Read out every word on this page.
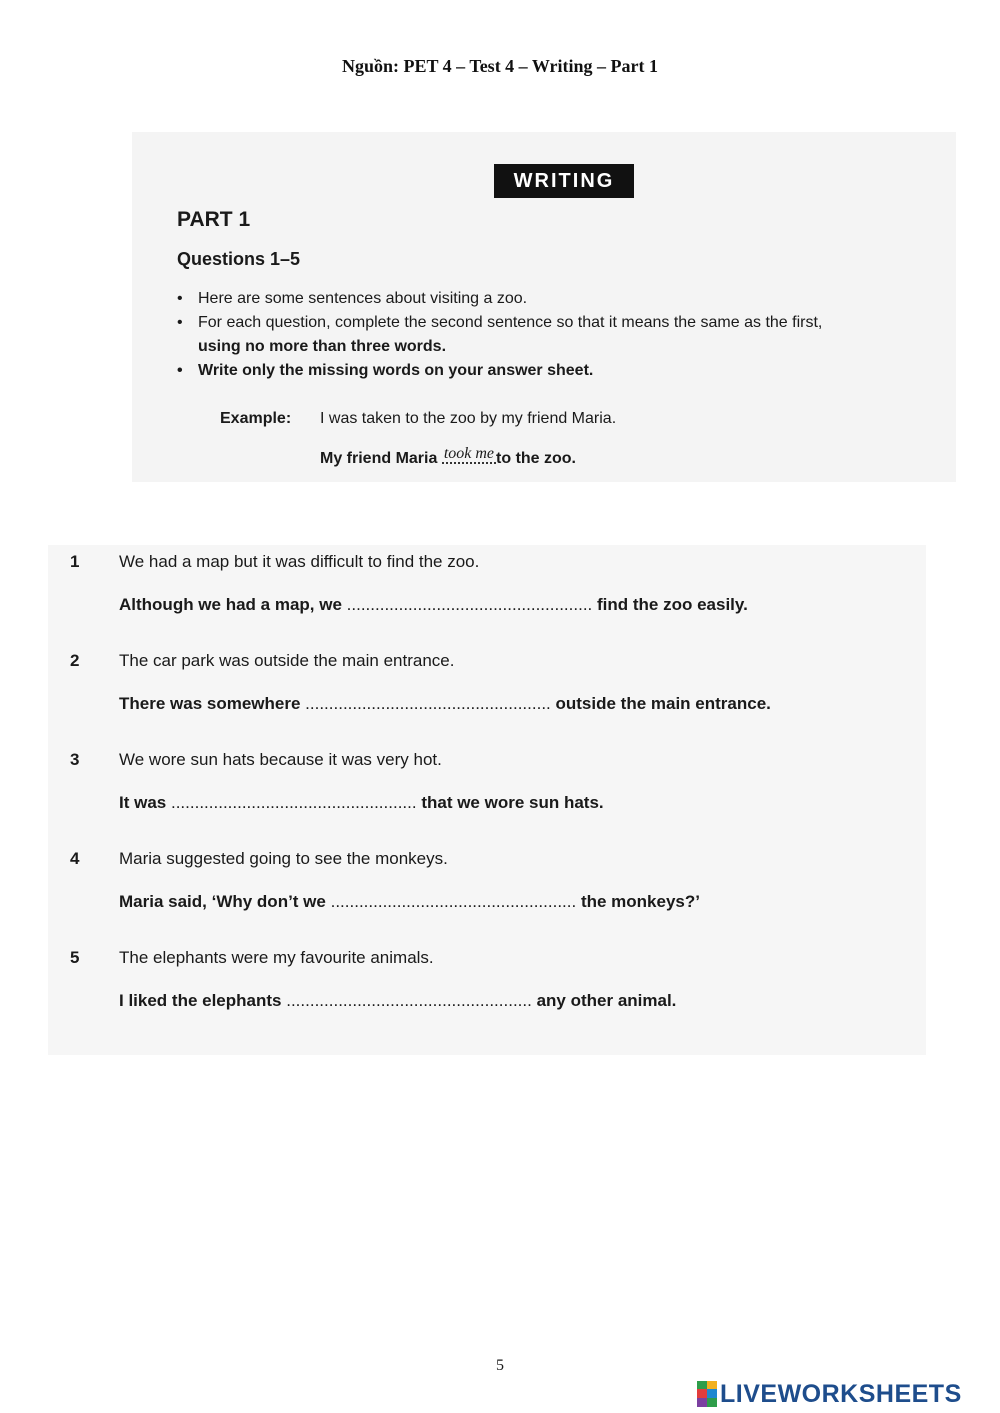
Nguồn: PET 4 – Test 4 – Writing – Part 1
WRITING
PART 1
Questions 1–5
• Here are some sentences about visiting a zoo.
• For each question, complete the second sentence so that it means the same as the first,
using no more than three words.
• Write only the missing words on your answer sheet.
Example: I was taken to the zoo by my friend Maria.
My friend Maria took me to the zoo.
1 We had a map but it was difficult to find the zoo.
Although we had a map, we .................................................... find the zoo easily.
2 The car park was outside the main entrance.
There was somewhere .................................................... outside the main entrance.
3 We wore sun hats because it was very hot.
It was .................................................... that we wore sun hats.
4 Maria suggested going to see the monkeys.
Maria said, ‘Why don’t we .................................................... the monkeys?’
5 The elephants were my favourite animals.
I liked the elephants .................................................... any other animal.
5
LIVEWORKSHEETS
